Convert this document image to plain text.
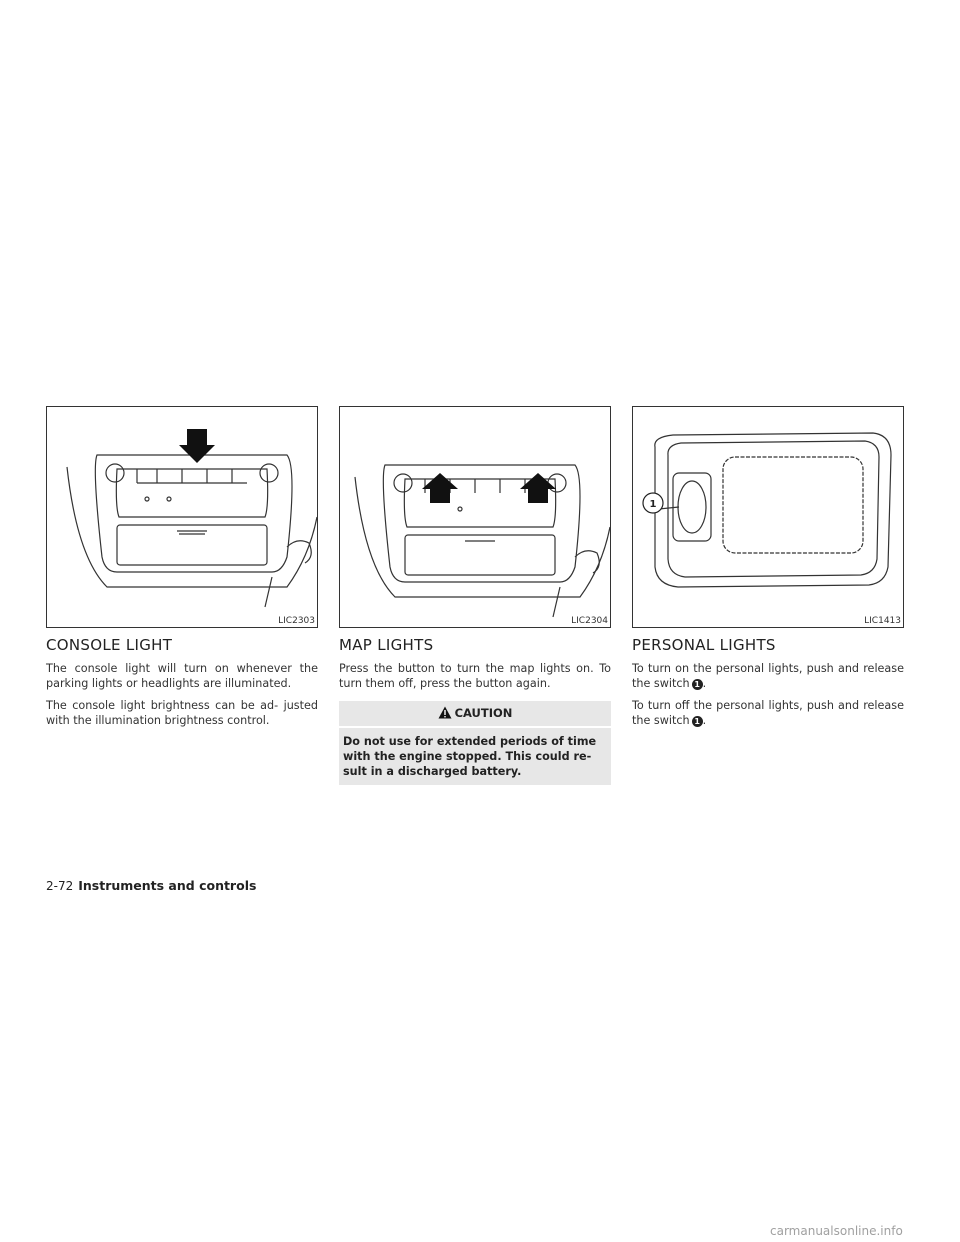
LIC2303
CONSOLE LIGHT

The console light will turn on whenever the parking lights or headlights are illuminated.

The console light brightness can be ad- justed with the illumination brightness control.

LIC2304
MAP LIGHTS

Press the button to turn the map lights on. To turn them off, press the button again.

CAUTION
Do not use for extended periods of time with the engine stopped. This could re- sult in a discharged battery.
1
LIC1413
PERSONAL LIGHTS

To turn on the personal lights, push and release the switch 1 .

To turn off the personal lights, push and release the switch 1 .

2-72 Instruments and controls
carmanualsonline.info
